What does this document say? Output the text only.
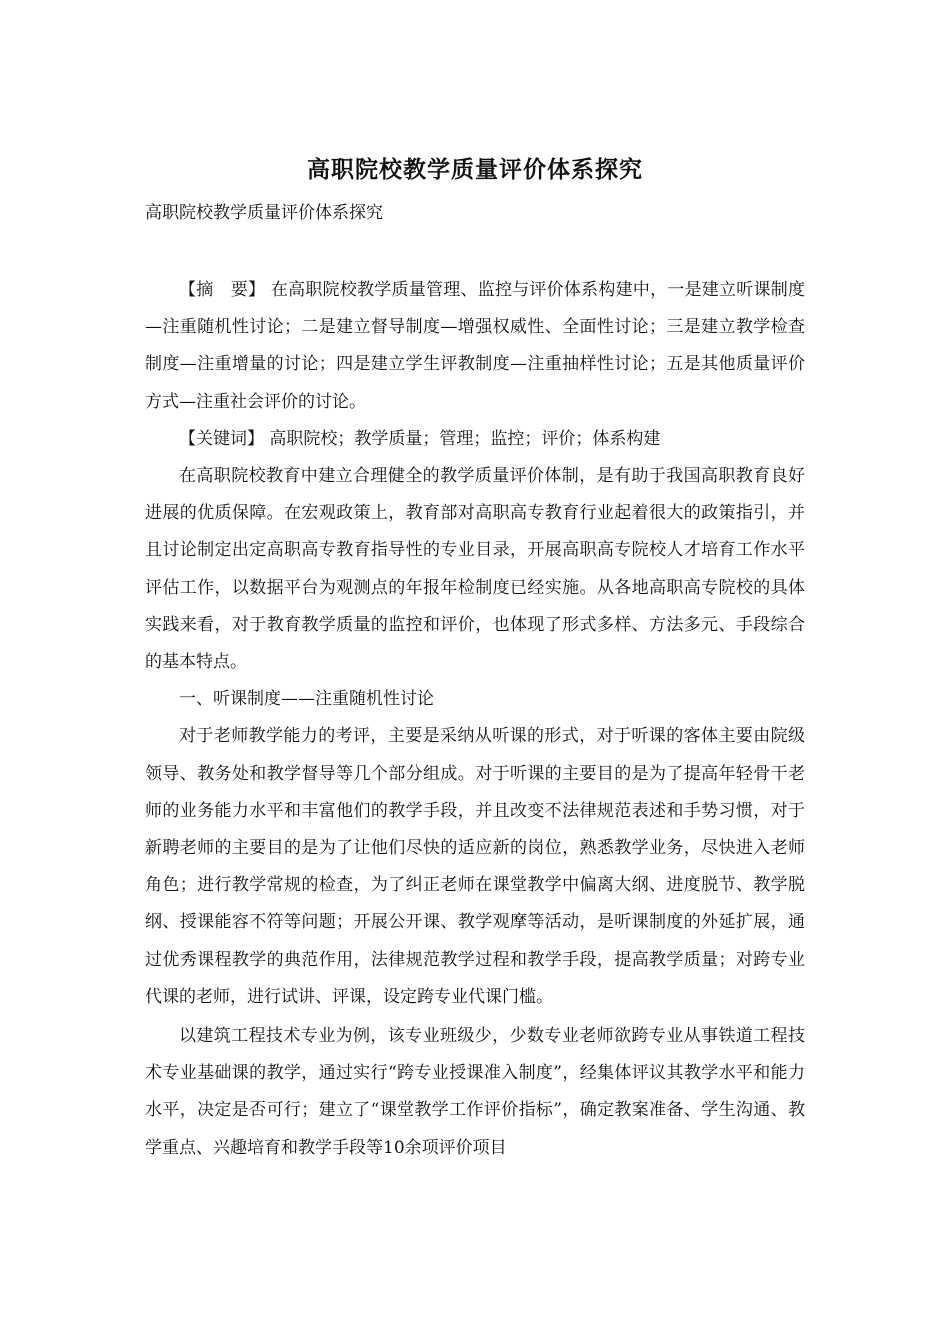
高职院校教学质量评价体系探究

高职院校教学质量评价体系探究

【摘　要】 在高职院校教学质量管理、监控与评价体系构建中，一是建立听课制度—注重随机性讨论；二是建立督导制度—增强权威性、全面性讨论；三是建立教学检查制度—注重增量的讨论；四是建立学生评教制度—注重抽样性讨论；五是其他质量评价方式—注重社会评价的讨论。

【关键词】 高职院校；教学质量；管理；监控；评价；体系构建

在高职院校教育中建立合理健全的教学质量评价体制，是有助于我国高职教育良好进展的优质保障。在宏观政策上，教育部对高职高专教育行业起着很大的政策指引，并且讨论制定出定高职高专教育指导性的专业目录，开展高职高专院校人才培育工作水平评估工作，以数据平台为观测点的年报年检制度已经实施。从各地高职高专院校的具体实践来看，对于教育教学质量的监控和评价，也体现了形式多样、方法多元、手段综合的基本特点。

一、听课制度——注重随机性讨论

对于老师教学能力的考评，主要是采纳从听课的形式，对于听课的客体主要由院级领导、教务处和教学督导等几个部分组成。对于听课的主要目的是为了提高年轻骨干老师的业务能力水平和丰富他们的教学手段，并且改变不法律规范表述和手势习惯，对于新聘老师的主要目的是为了让他们尽快的适应新的岗位，熟悉教学业务，尽快进入老师角色；进行教学常规的检查，为了纠正老师在课堂教学中偏离大纲、进度脱节、教学脱纲、授课能容不符等问题；开展公开课、教学观摩等活动，是听课制度的外延扩展，通过优秀课程教学的典范作用，法律规范教学过程和教学手段，提高教学质量；对跨专业代课的老师，进行试讲、评课，设定跨专业代课门槛。

以建筑工程技术专业为例，该专业班级少，少数专业老师欲跨专业从事铁道工程技术专业基础课的教学，通过实行“跨专业授课准入制度”，经集体评议其教学水平和能力水平，决定是否可行；建立了“课堂教学工作评价指标”，确定教案准备、学生沟通、教学重点、兴趣培育和教学手段等10余项评价项目
